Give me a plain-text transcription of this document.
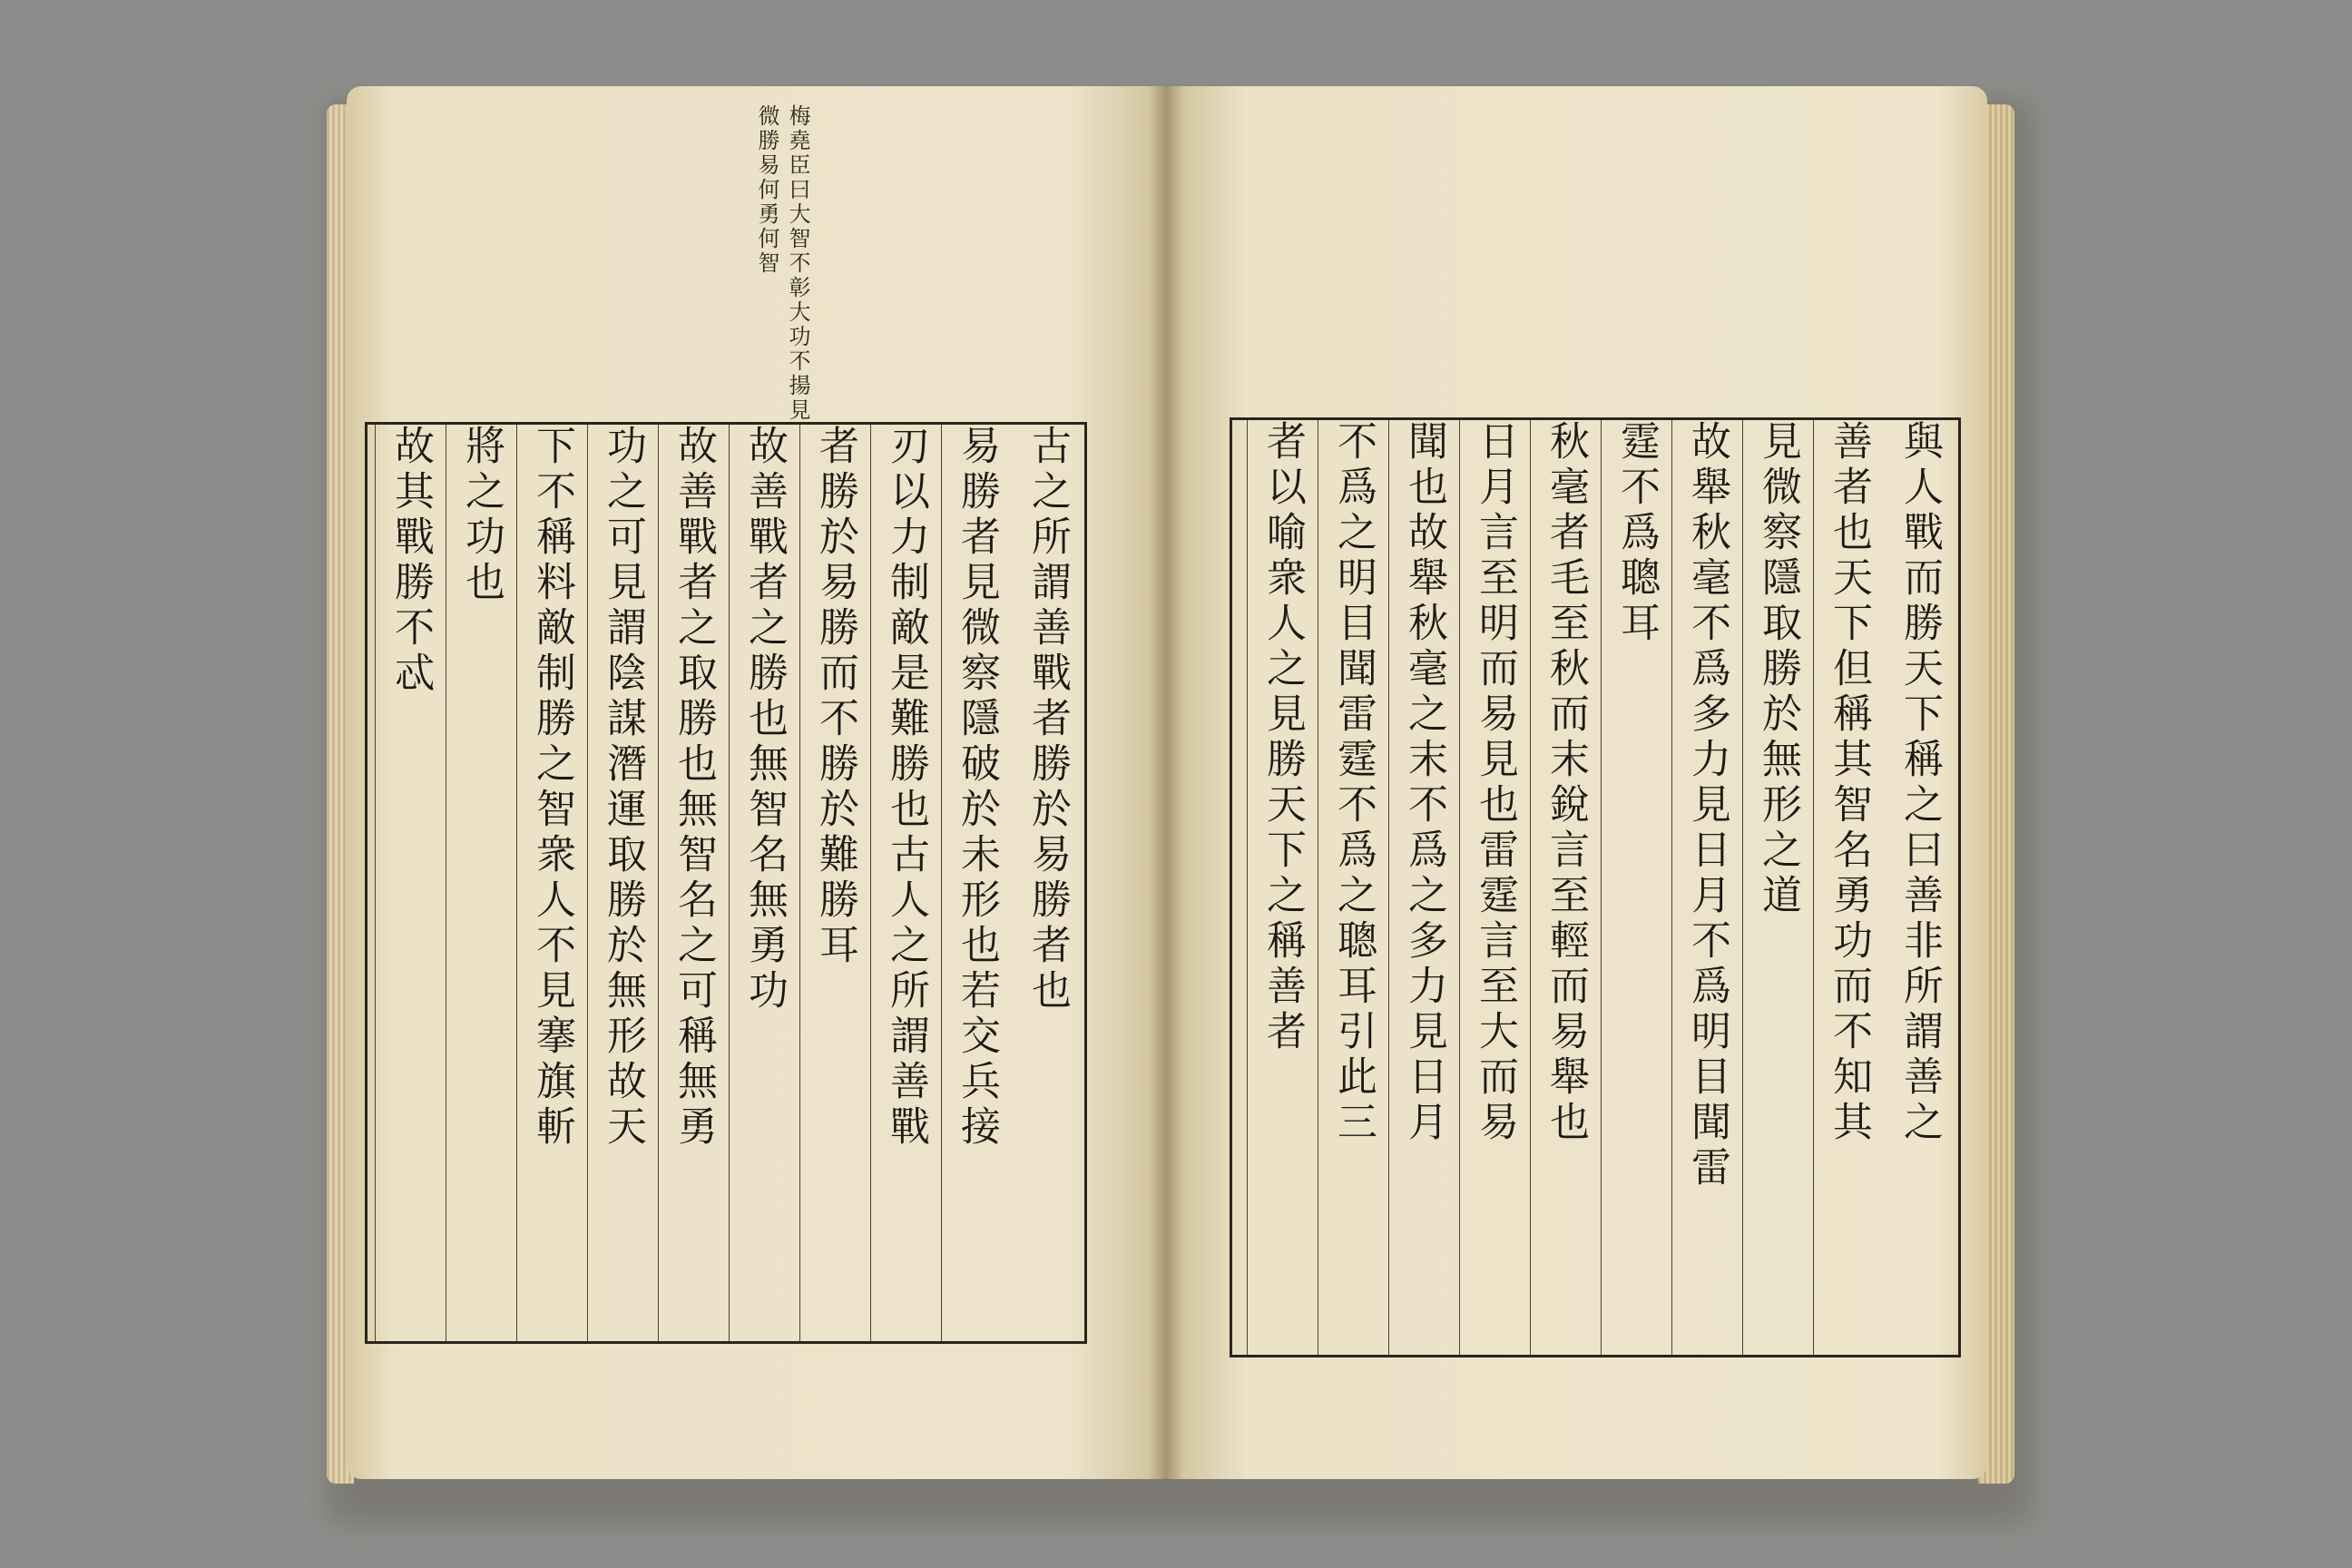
梅堯臣曰大智不彰大功不揚見
微勝易何勇何智
古之所謂善戰者勝於易勝者也
易勝者見微察隱破於未形也若交兵接
刃以力制敵是難勝也古人之所謂善戰
者勝於易勝而不勝於難勝耳
故善戰者之勝也無智名無勇功
故善戰者之取勝也無智名之可稱無勇
功之可見謂陰謀潛運取勝於無形故天
下不稱料敵制勝之智衆人不見搴旗斬
將之功也
故其戰勝不忒	與人戰而勝天下稱之曰善非所謂善之
善者也天下但稱其智名勇功而不知其
見微察隱取勝於無形之道
故舉秋毫不爲多力見日月不爲明目聞雷
霆不爲聰耳
秋毫者毛至秋而末銳言至輕而易舉也
日月言至明而易見也雷霆言至大而易
聞也故舉秋毫之末不爲之多力見日月
不爲之明目聞雷霆不爲之聰耳引此三
者以喻衆人之見勝天下之稱善者
